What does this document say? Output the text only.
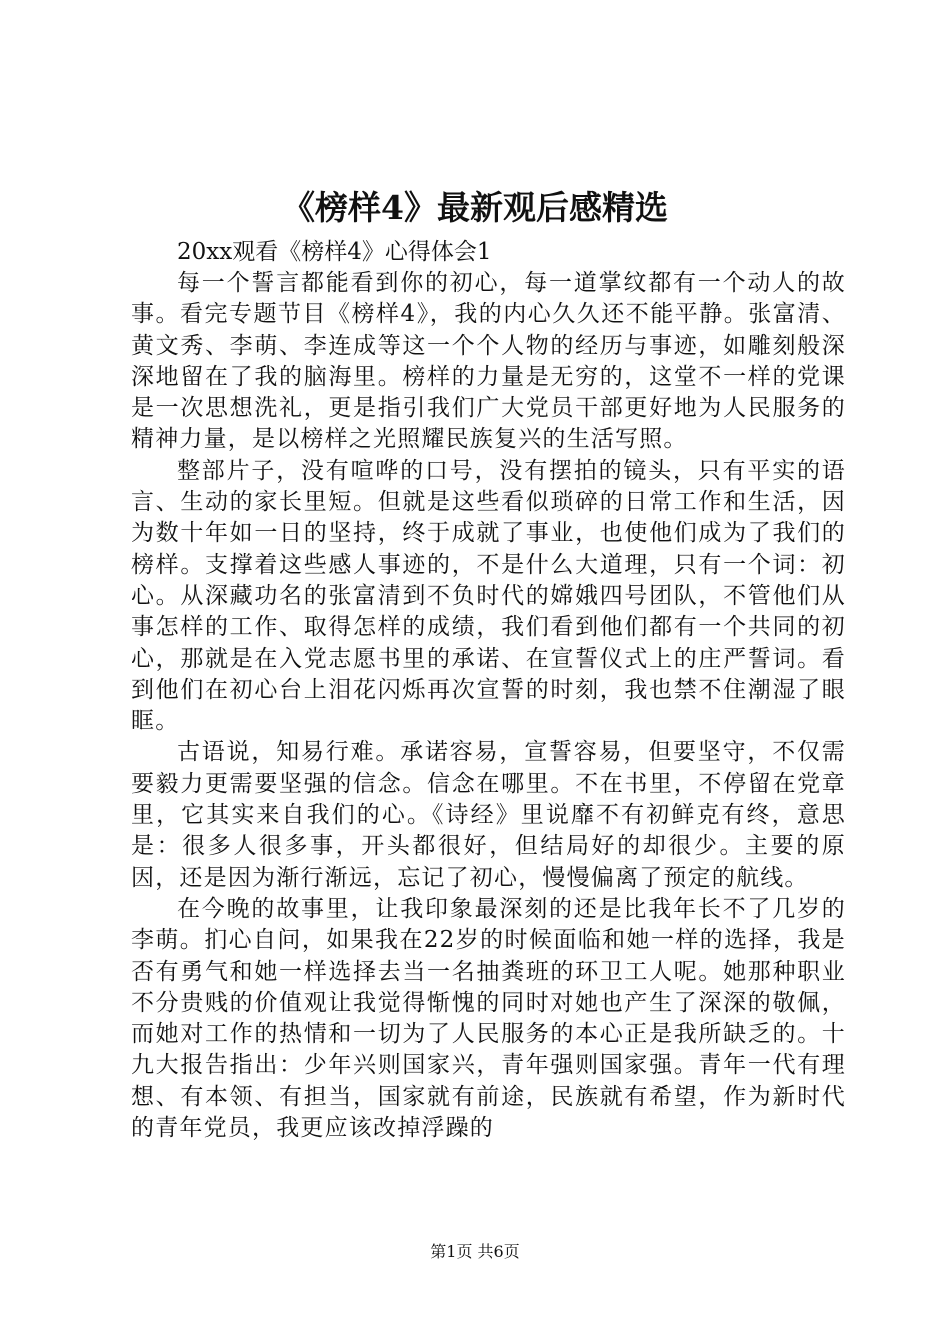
《榜样4》最新观后感精选

20xx观看《榜样4》心得体会1

每一个誓言都能看到你的初心，每一道掌纹都有一个动人的故事。看完专题节目《榜样4》，我的内心久久还不能平静。张富清、黄文秀、李萌、李连成等这一个个人物的经历与事迹，如雕刻般深深地留在了我的脑海里。榜样的力量是无穷的，这堂不一样的党课是一次思想洗礼，更是指引我们广大党员干部更好地为人民服务的精神力量，是以榜样之光照耀民族复兴的生活写照。

整部片子，没有喧哗的口号，没有摆拍的镜头，只有平实的语言、生动的家长里短。但就是这些看似琐碎的日常工作和生活，因为数十年如一日的坚持，终于成就了事业，也使他们成为了我们的榜样。支撑着这些感人事迹的，不是什么大道理，只有一个词：初心。从深藏功名的张富清到不负时代的嫦娥四号团队，不管他们从事怎样的工作、取得怎样的成绩，我们看到他们都有一个共同的初心，那就是在入党志愿书里的承诺、在宣誓仪式上的庄严誓词。看到他们在初心台上泪花闪烁再次宣誓的时刻，我也禁不住潮湿了眼眶。

古语说，知易行难。承诺容易，宣誓容易，但要坚守，不仅需要毅力更需要坚强的信念。信念在哪里。不在书里，不停留在党章里，它其实来自我们的心。《诗经》里说靡不有初鲜克有终，意思是：很多人很多事，开头都很好，但结局好的却很少。主要的原因，还是因为渐行渐远，忘记了初心，慢慢偏离了预定的航线。

在今晚的故事里，让我印象最深刻的还是比我年长不了几岁的李萌。扪心自问，如果我在22岁的时候面临和她一样的选择，我是否有勇气和她一样选择去当一名抽粪班的环卫工人呢。她那种职业不分贵贱的价值观让我觉得惭愧的同时对她也产生了深深的敬佩，而她对工作的热情和一切为了人民服务的本心正是我所缺乏的。十九大报告指出：少年兴则国家兴，青年强则国家强。青年一代有理想、有本领、有担当，国家就有前途，民族就有希望，作为新时代的青年党员，我更应该改掉浮躁的

第1页 共6页
